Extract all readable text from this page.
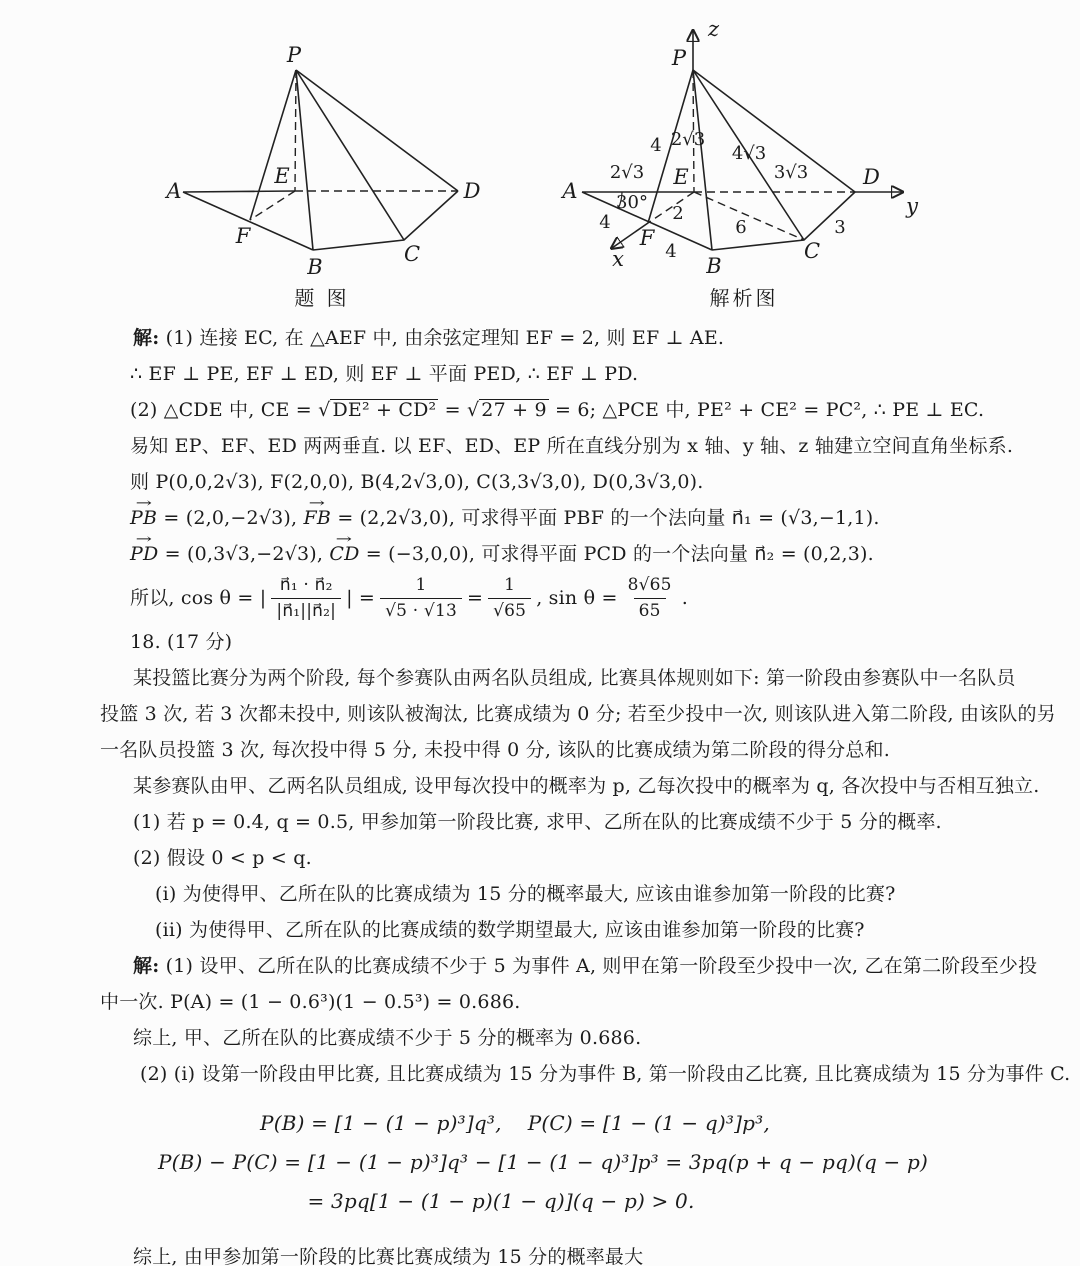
P
A
E
D
F
B
C
题 图
P
z
A
E	D
y
F
x	B
C
4 2√3
4√3
3√3
2√3
30°
4	2
6	3
4
解析图
解: (1) 连接 EC, 在 △AEF 中, 由余弦定理知 EF = 2, 则 EF ⊥ AE.
∴ EF ⊥ PE, EF ⊥ ED, 则 EF ⊥ 平面 PED, ∴ EF ⊥ PD.
(2) △CDE 中, CE = √ DE² + CD² = √ 27 + 9 = 6; △PCE 中, PE² + CE² = PC², ∴ PE ⊥ EC.
易知 EP、EF、ED 两两垂直. 以 EF、ED、EP 所在直线分别为 x 轴、y 轴、z 轴建立空间直角坐标系.
则 P(0,0,2√3), F(2,0,0), B(4,2√3,0), C(3,3√3,0), D(0,3√3,0).
PB → = (2,0,−2√3), FB → = (2,2√3,0), 可求得平面 PBF 的一个法向量 n⃗₁ = (√3,−1,1).
PD → = (0,3√3,−2√3), CD → = (−3,0,0), 可求得平面 PCD 的一个法向量 n⃗₂ = (0,2,3).
所以, cos θ = | $\frac{\text{n⃗₁ · n⃗₂}}{\text{|n⃗₁||n⃗₂|}}$ | = $\frac{1}{√5 \cdot √13} = \frac{1}{√65}$ , $\sin \theta = \frac{8√65}{65}$ .
18. (17 分)
某投篮比赛分为两个阶段, 每个参赛队由两名队员组成, 比赛具体规则如下: 第一阶段由参赛队中一名队员
投篮 3 次, 若 3 次都未投中, 则该队被淘汰, 比赛成绩为 0 分; 若至少投中一次, 则该队进入第二阶段, 由该队的另
一名队员投篮 3 次, 每次投中得 5 分, 未投中得 0 分, 该队的比赛成绩为第二阶段的得分总和.
某参赛队由甲、乙两名队员组成, 设甲每次投中的概率为 p, 乙每次投中的概率为 q, 各次投中与否相互独立.
(1) 若 p = 0.4, q = 0.5, 甲参加第一阶段比赛, 求甲、乙所在队的比赛成绩不少于 5 分的概率.
(2) 假设 0 < p < q.
(i) 为使得甲、乙所在队的比赛成绩为 15 分的概率最大, 应该由谁参加第一阶段的比赛?
(ii) 为使得甲、乙所在队的比赛成绩的数学期望最大, 应该由谁参加第一阶段的比赛?
解: (1) 设甲、乙所在队的比赛成绩不少于 5 为事件 A, 则甲在第一阶段至少投中一次, 乙在第二阶段至少投
中一次. P(A) = (1 − 0.6³)(1 − 0.5³) = 0.686.
综上, 甲、乙所在队的比赛成绩不少于 5 分的概率为 0.686.
(2) (i) 设第一阶段由甲比赛, 且比赛成绩为 15 分为事件 B, 第一阶段由乙比赛, 且比赛成绩为 15 分为事件 C.
P(B) = [1 − (1 − p)³]q³, P(C) = [1 − (1 − q)³]p³,
P(B) − P(C) = [1 − (1 − p)³]q³ − [1 − (1 − q)³]p³ = 3pq(p + q − pq)(q − p)
= 3pq[1 − (1 − p)(1 − q)](q − p) > 0.
综上, 由甲参加第一阶段的比赛比赛成绩为 15 分的概率最大
